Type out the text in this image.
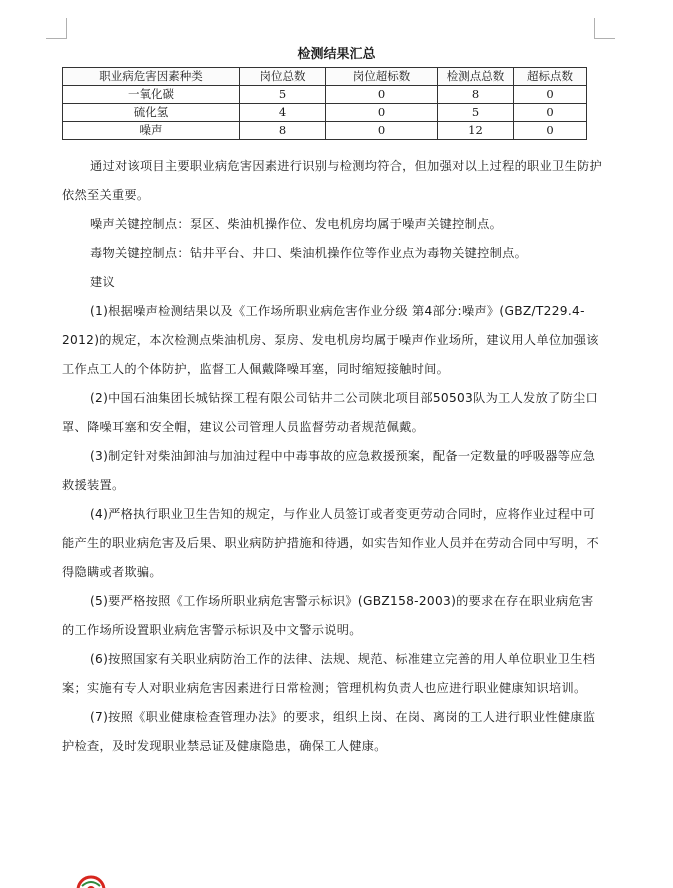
检测结果汇总
职业病危害因素种类	岗位总数	岗位超标数	检测点总数	超标点数
一氧化碳	5	0	8	0
硫化氢	4	0	5	0
噪声	8	0	12	0

通过对该项目主要职业病危害因素进行识别与检测均符合，但加强对以上过程的职业卫生防护依然至关重要。

噪声关键控制点：泵区、柴油机操作位、发电机房均属于噪声关键控制点。

毒物关键控制点：钻井平台、井口、柴油机操作位等作业点为毒物关键控制点。

建议

(1)根据噪声检测结果以及《工作场所职业病危害作业分级 第4部分:噪声》(GBZ/T229.4-2012)的规定，本次检测点柴油机房、泵房、发电机房均属于噪声作业场所，建议用人单位加强该工作点工人的个体防护，监督工人佩戴降噪耳塞，同时缩短接触时间。

(2)中国石油集团长城钻探工程有限公司钻井二公司陕北项目部50503队为工人发放了防尘口罩、降噪耳塞和安全帽，建议公司管理人员监督劳动者规范佩戴。

(3)制定针对柴油卸油与加油过程中中毒事故的应急救援预案，配备一定数量的呼吸器等应急救援装置。

(4)严格执行职业卫生告知的规定，与作业人员签订或者变更劳动合同时，应将作业过程中可能产生的职业病危害及后果、职业病防护措施和待遇，如实告知作业人员并在劳动合同中写明，不得隐瞒或者欺骗。

(5)要严格按照《工作场所职业病危害警示标识》(GBZ158-2003)的要求在存在职业病危害的工作场所设置职业病危害警示标识及中文警示说明。

(6)按照国家有关职业病防治工作的法律、法规、规范、标准建立完善的用人单位职业卫生档案；实施有专人对职业病危害因素进行日常检测；管理机构负责人也应进行职业健康知识培训。

(7)按照《职业健康检查管理办法》的要求，组织上岗、在岗、离岗的工人进行职业性健康监护检查，及时发现职业禁忌证及健康隐患，确保工人健康。
